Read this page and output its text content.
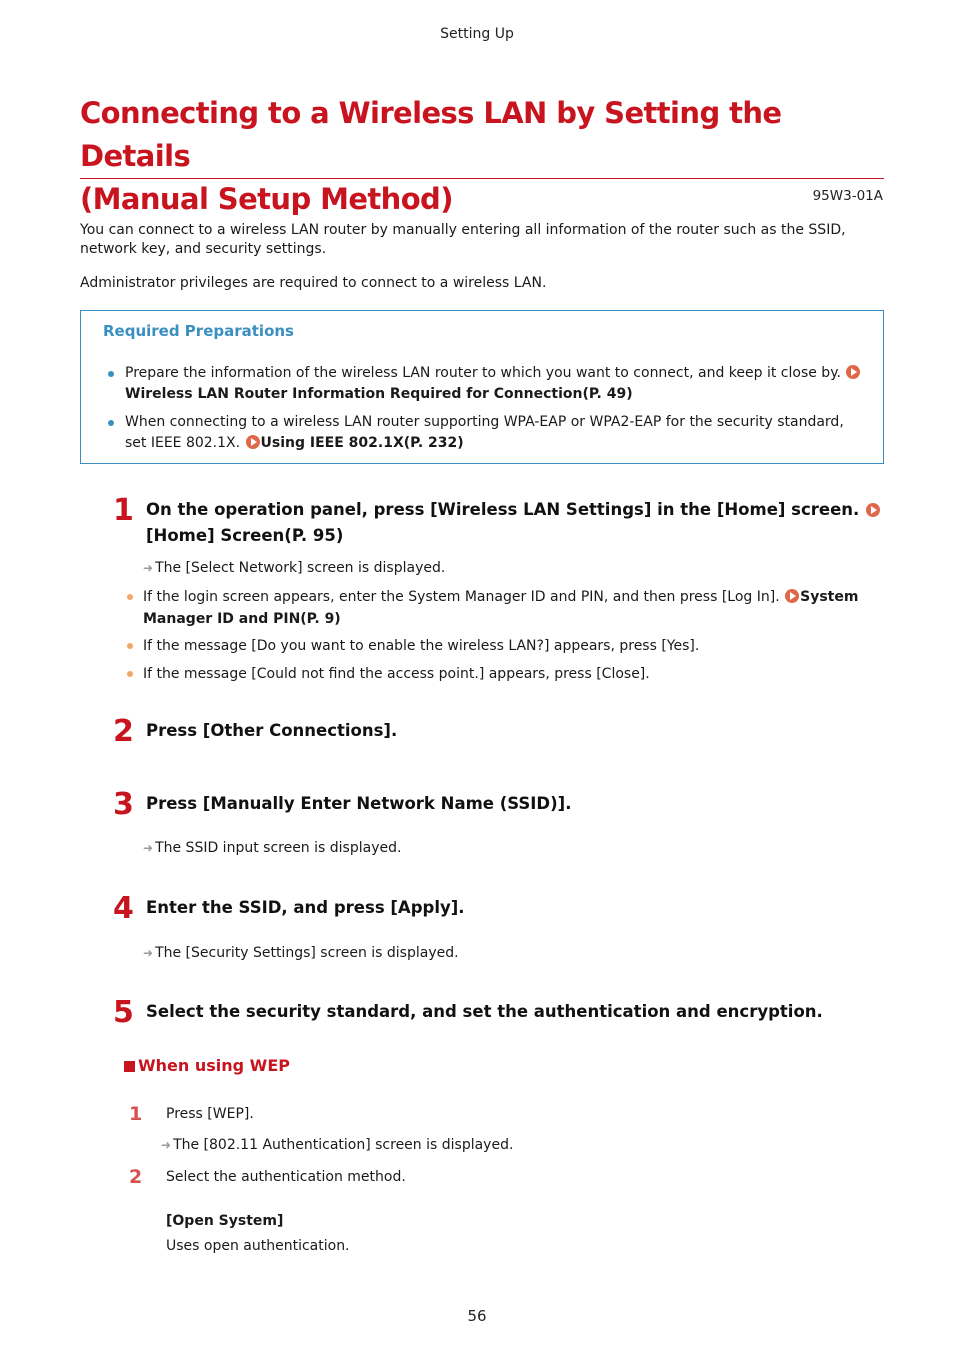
Setting Up
Connecting to a Wireless LAN by Setting the Details
(Manual Setup Method)	95W3-01A

You can connect to a wireless LAN router by manually entering all information of the router such as the SSID, network key, and security settings.

Administrator privileges are required to connect to a wireless LAN.

Required Preparations
Prepare the information of the wireless LAN router to which you want to connect, and keep it close by.
Wireless LAN Router Information Required for Connection(P. 49)
When connecting to a wireless LAN router supporting WPA-EAP or WPA2-EAP for the security standard, set IEEE 802.1X. Using IEEE 802.1X(P. 232)
1 On the operation panel, press [Wireless LAN Settings] in the [Home] screen. [Home] Screen(P. 95)
➜ The [Select Network] screen is displayed.
If the login screen appears, enter the System Manager ID and PIN, and then press [Log In]. System Manager ID and PIN(P. 9)
If the message [Do you want to enable the wireless LAN?] appears, press [Yes].
If the message [Could not find the access point.] appears, press [Close].
2 Press [Other Connections].
3 Press [Manually Enter Network Name (SSID)].
➜ The SSID input screen is displayed.
4 Enter the SSID, and press [Apply].
➜ The [Security Settings] screen is displayed.
5 Select the security standard, and set the authentication and encryption.
When using WEP
1 Press [WEP].
➜ The [802.11 Authentication] screen is displayed.
2 Select the authentication method.
[Open System]
Uses open authentication.
56
